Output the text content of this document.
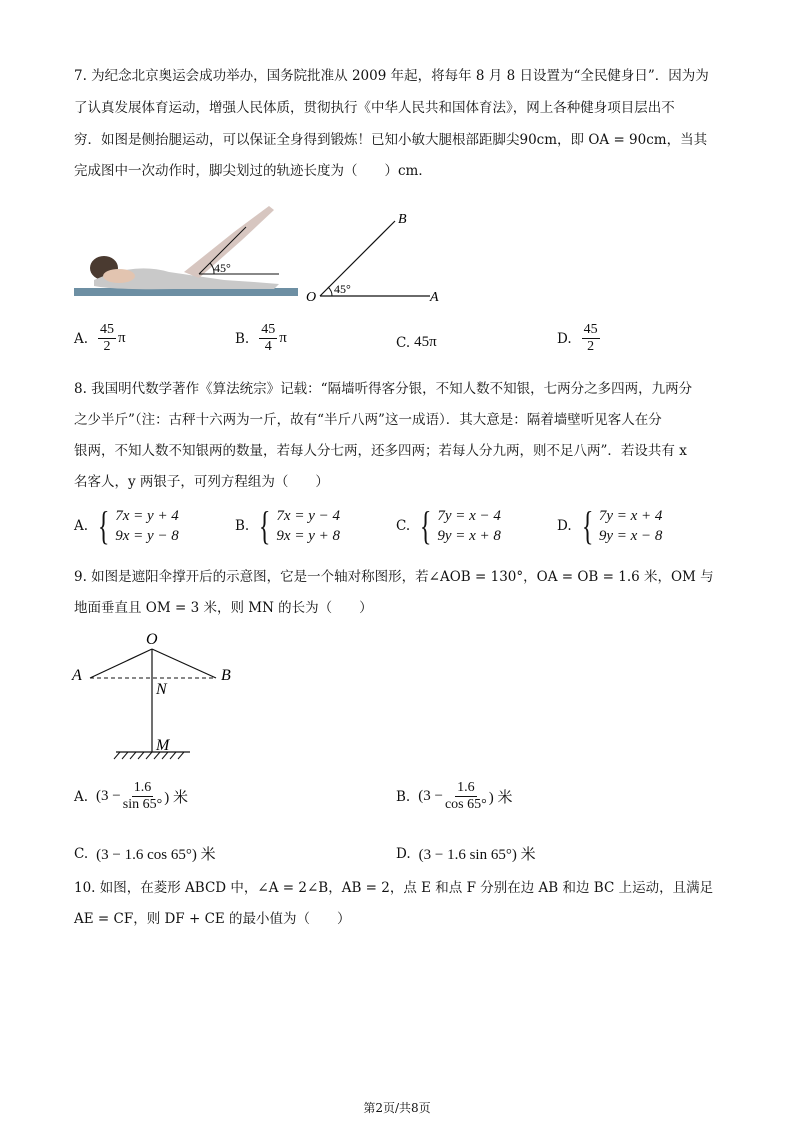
7. 为纪念北京奥运会成功举办，国务院批准从 2009 年起，将每年 8 月 8 日设置为“全民健身日”．因为为
了认真发展体育运动，增强人民体质，贯彻执行《中华人民共和国体育法》，网上各种健身项目层出不
穷．如图是侧抬腿运动，可以保证全身得到锻炼！已知小敏大腿根部距脚尖90cm，即 OA = 90cm，当其
完成图中一次动作时，脚尖划过的轨迹长度为（　　）cm．
45°
B
O	A
45°
A. $\frac{45}{2}$ π	B. $\frac{45}{4}$ π	C. 45π	D. $\frac{45}{2}$
8. 我国明代数学著作《算法统宗》记载：“隔墙听得客分银，不知人数不知银，七两分之多四两，九两分
之少半斤”（注：古秤十六两为一斤，故有“半斤八两”这一成语）．其大意是：隔着墙壁听见客人在分
银两，不知人数不知银两的数量，若每人分七两，还多四两；若每人分九两，则不足八两”．若设共有 x
名客人，y 两银子，可列方程组为（　　）
A. { 7x = y + 4
9x = y − 8
B. { 7x = y − 4
9x = y + 8
C. { 7y = x − 4
9y = x + 8
D. { 7y = x + 4
9y = x − 8
9. 如图是遮阳伞撑开后的示意图，它是一个轴对称图形，若∠AOB = 130°，OA = OB = 1.6 米，OM 与
地面垂直且 OM = 3 米，则 MN 的长为（　　）
O
A	B
N
M
A. ($3 - \frac{1.6}{\sin 65^\circ}$ ) 米	B. ($3 - \frac{1.6}{\cos 65^\circ}$ ) 米
C. (3 − 1.6 cos 65°) 米	D. (3 − 1.6 sin 65°) 米
10. 如图，在菱形 ABCD 中，∠A = 2∠B，AB = 2，点 E 和点 F 分别在边 AB 和边 BC 上运动，且满足
AE = CF，则 DF + CE 的最小值为（　　）
第2页/共8页
